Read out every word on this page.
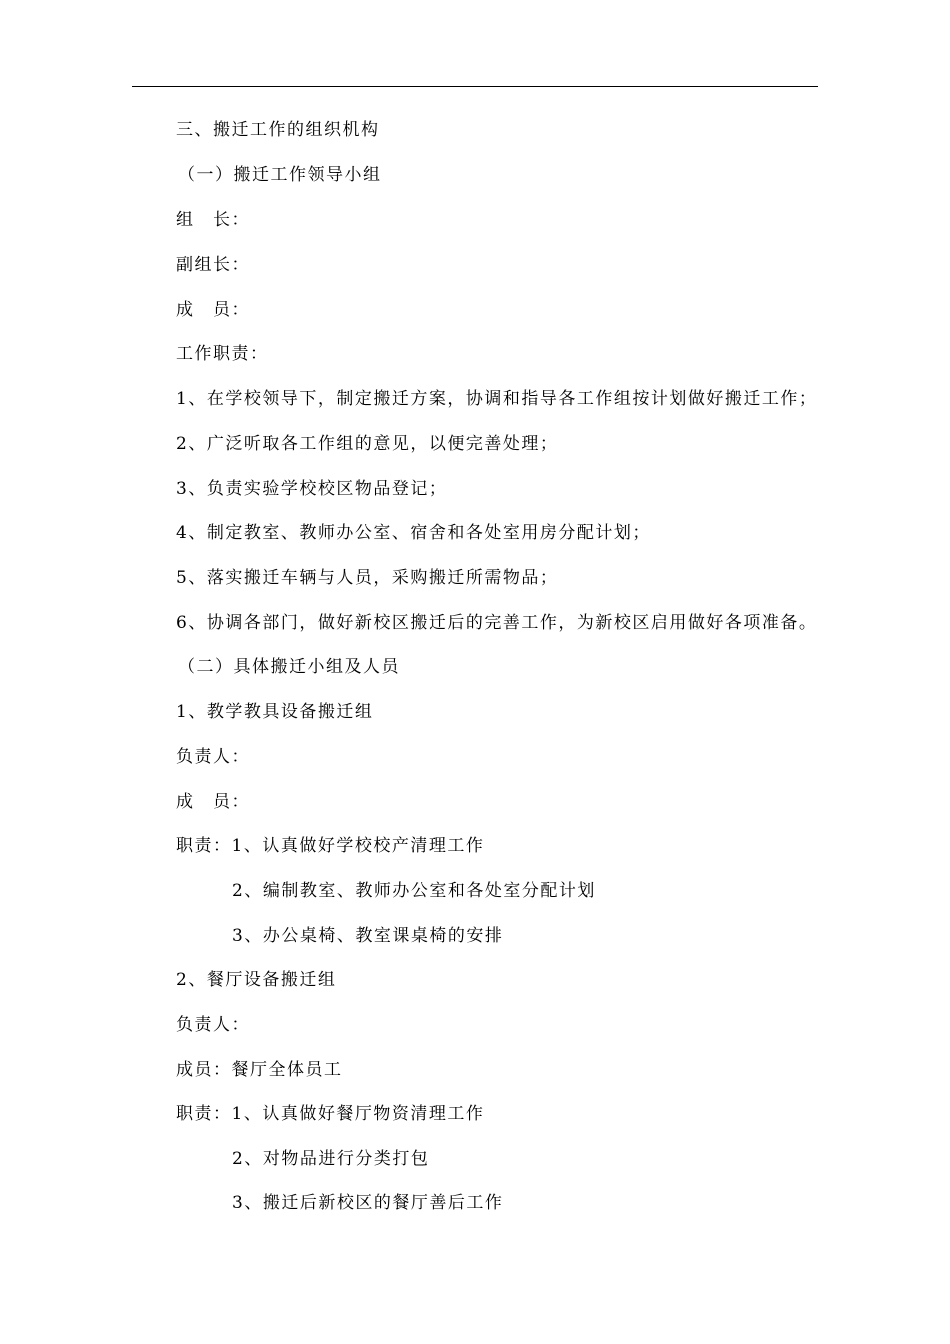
三、搬迁工作的组织机构
（一）搬迁工作领导小组
组　长：
副组长：
成　员：
工作职责：
1、在学校领导下，制定搬迁方案，协调和指导各工作组按计划做好搬迁工作；
2、广泛听取各工作组的意见，以便完善处理；
3、负责实验学校校区物品登记；
4、制定教室、教师办公室、宿舍和各处室用房分配计划；
5、落实搬迁车辆与人员，采购搬迁所需物品；
6、协调各部门，做好新校区搬迁后的完善工作，为新校区启用做好各项准备。
（二）具体搬迁小组及人员
1、教学教具设备搬迁组
负责人：
成　员：
职责：1、认真做好学校校产清理工作
2、编制教室、教师办公室和各处室分配计划
3、办公桌椅、教室课桌椅的安排
2、餐厅设备搬迁组
负责人：
成员：餐厅全体员工
职责：1、认真做好餐厅物资清理工作
2、对物品进行分类打包
3、搬迁后新校区的餐厅善后工作
